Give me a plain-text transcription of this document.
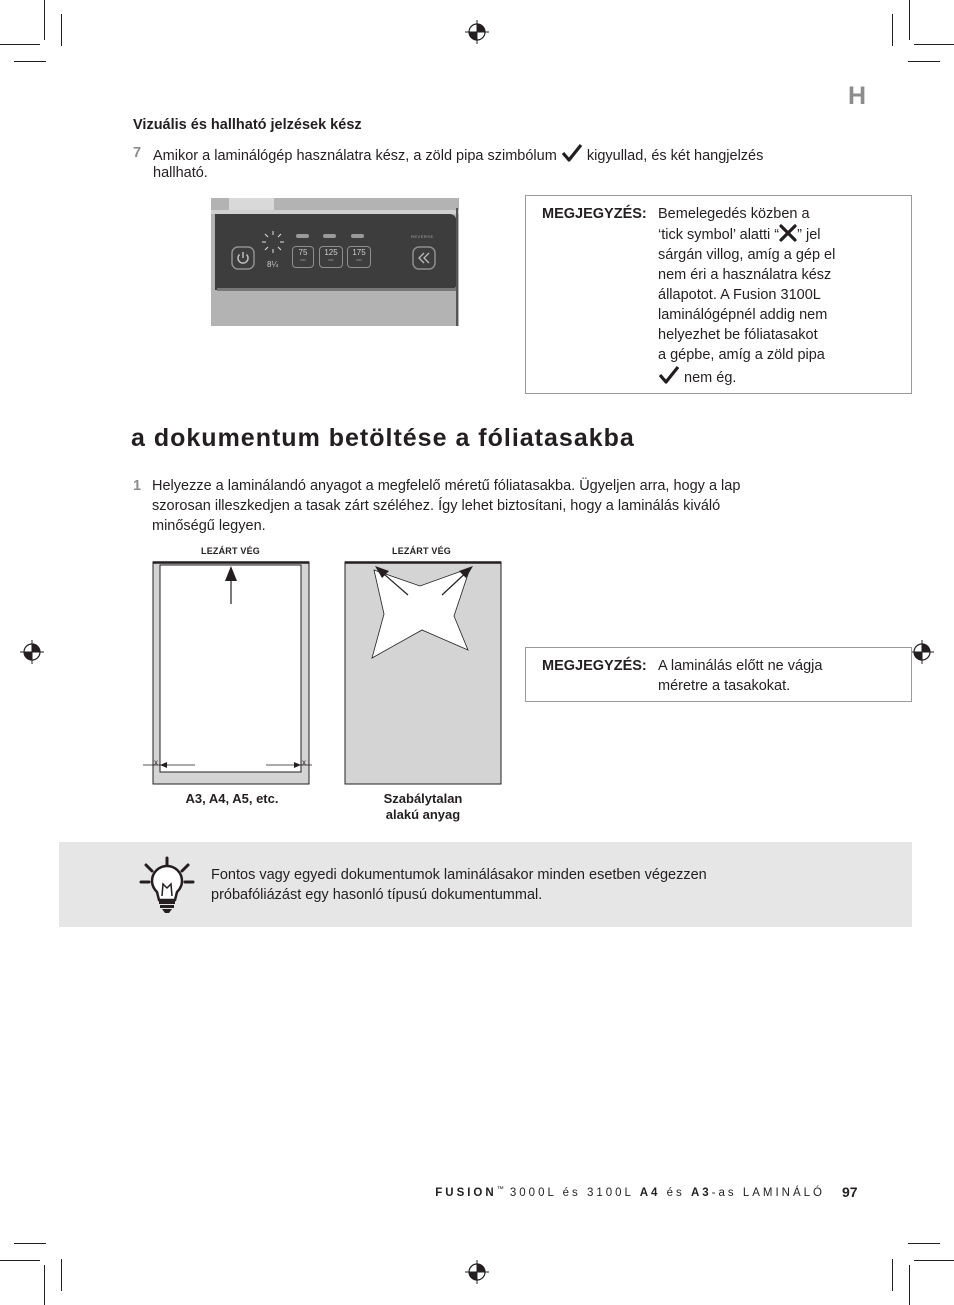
H
Vizuális és hallható jelzések kész
7 Amikor a laminálógép használatra kész, a zöld pipa szimbólum kigyullad, és két hangjelzés
hallható.
8¼
75
MIC
125
MIC
175
MIC
REVERSE
MEGJEGYZÉS: Bemelegedés közben a
‘tick symbol’ alatti “ ” jel
sárgán villog, amíg a gép el
nem éri a használatra kész
állapotot. A Fusion 3100L
laminálógépnél addig nem
helyezhet be fóliatasakot
a gépbe, amíg a zöld pipa
nem ég.
a dokumentum betöltése a fóliatasakba
1 Helyezze a laminálandó anyagot a megfelelő méretű fóliatasakba. Ügyeljen arra, hogy a lap
szorosan illeszkedjen a tasak zárt széléhez. Így lehet biztosítani, hogy a laminálás kiváló
minőségű legyen.
LEZÁRT VÉG	LEZÁRT VÉG
x	x
A3, A4, A5, etc.	Szabálytalan
alakú anyag
MEGJEGYZÉS: A laminálás előtt ne vágja
méretre a tasakokat.
Fontos vagy egyedi dokumentumok laminálásakor minden esetben végezzen
próbafóliázást egy hasonló típusú dokumentummal.
FUSION™ 3000L és 3100L A4 és A3-as LAMINÁLÓ 97
